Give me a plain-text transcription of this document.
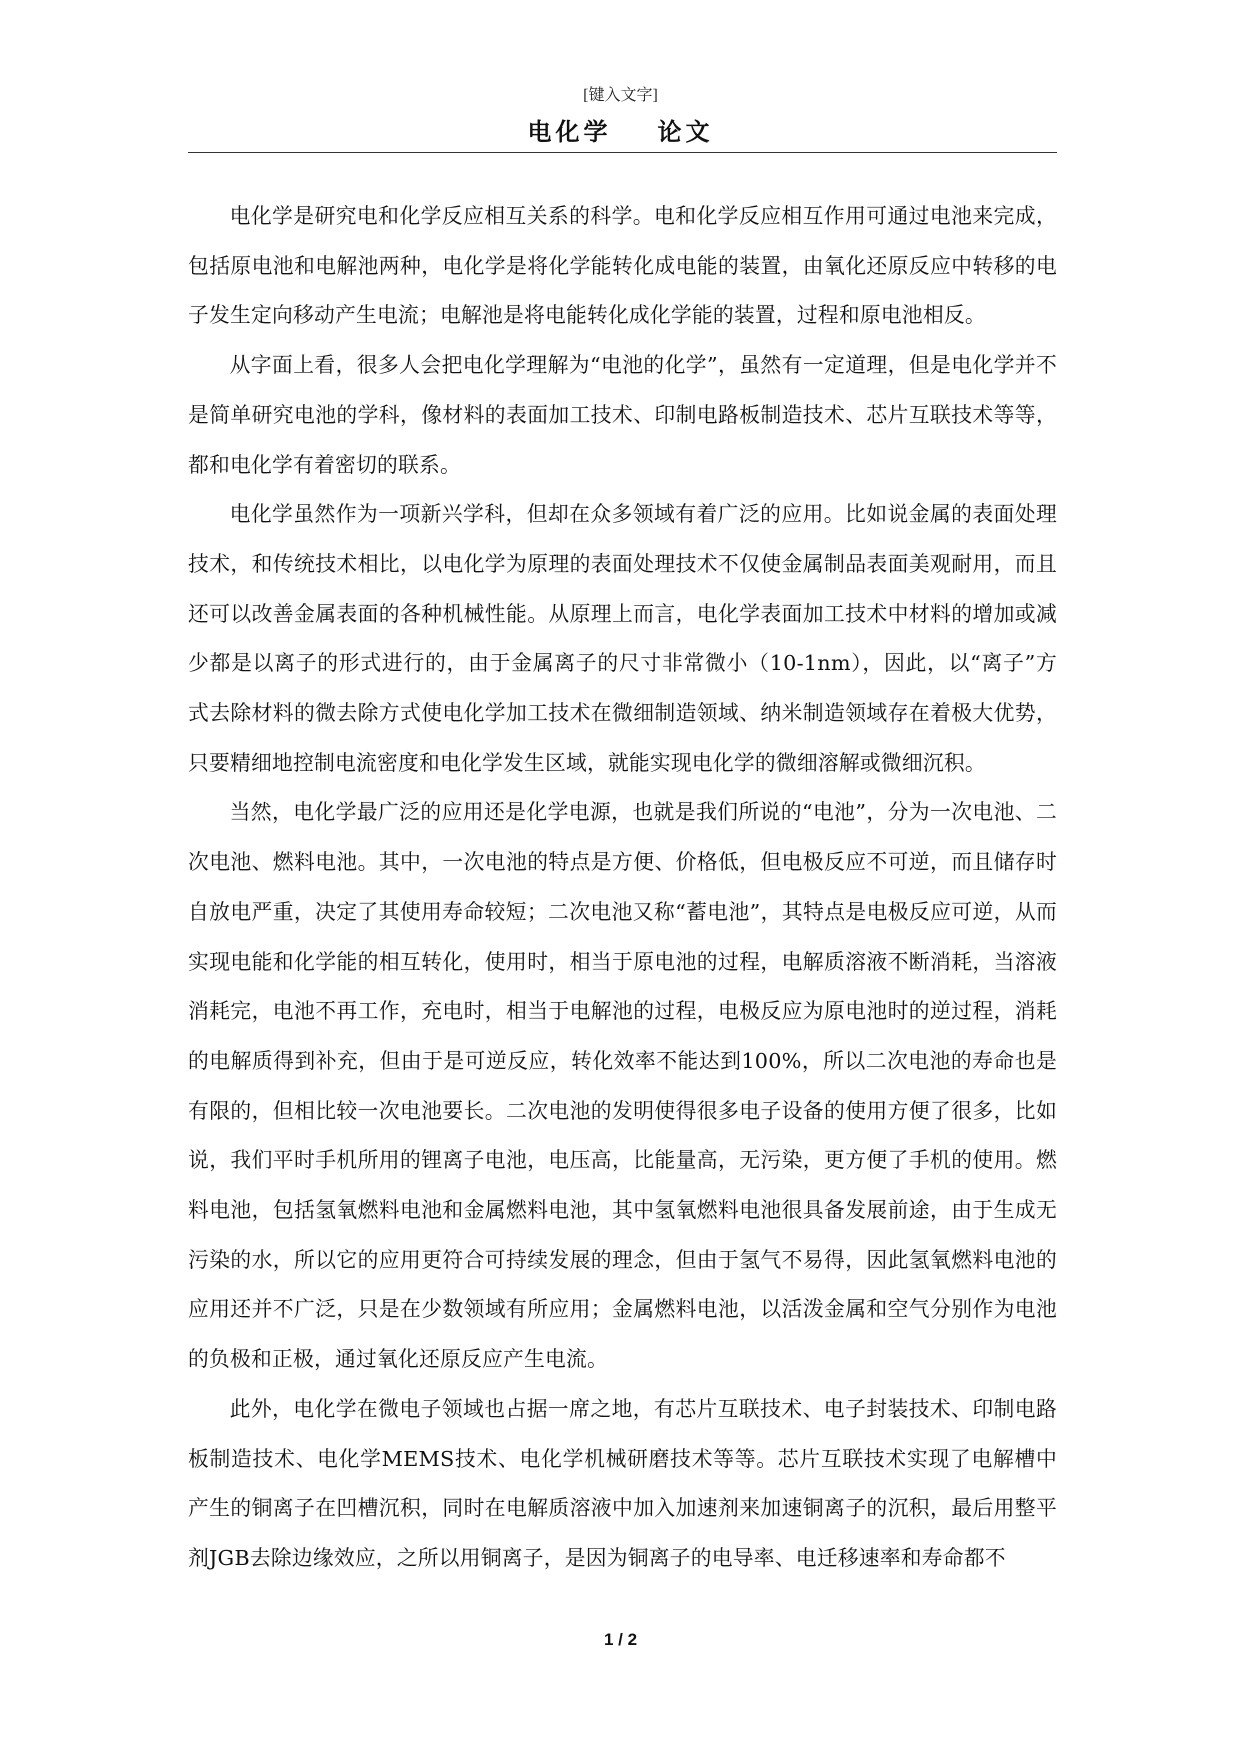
[键入文字]
电化学 论文

电化学是研究电和化学反应相互关系的科学。电和化学反应相互作用可通过电池来完成，包括原电池和电解池两种，电化学是将化学能转化成电能的装置，由氧化还原反应中转移的电子发生定向移动产生电流；电解池是将电能转化成化学能的装置，过程和原电池相反。

从字面上看，很多人会把电化学理解为“电池的化学”，虽然有一定道理，但是电化学并不是简单研究电池的学科，像材料的表面加工技术、印制电路板制造技术、芯片互联技术等等，都和电化学有着密切的联系。

电化学虽然作为一项新兴学科，但却在众多领域有着广泛的应用。比如说金属的表面处理技术，和传统技术相比，以电化学为原理的表面处理技术不仅使金属制品表面美观耐用，而且还可以改善金属表面的各种机械性能。从原理上而言，电化学表面加工技术中材料的增加或减少都是以离子的形式进行的，由于金属离子的尺寸非常微小（10-1nm），因此，以“离子”方式去除材料的微去除方式使电化学加工技术在微细制造领域、纳米制造领域存在着极大优势，只要精细地控制电流密度和电化学发生区域，就能实现电化学的微细溶解或微细沉积。

当然，电化学最广泛的应用还是化学电源，也就是我们所说的“电池”，分为一次电池、二次电池、燃料电池。其中，一次电池的特点是方便、价格低，但电极反应不可逆，而且储存时自放电严重，决定了其使用寿命较短；二次电池又称“蓄电池”，其特点是电极反应可逆，从而实现电能和化学能的相互转化，使用时，相当于原电池的过程，电解质溶液不断消耗，当溶液消耗完，电池不再工作，充电时，相当于电解池的过程，电极反应为原电池时的逆过程，消耗的电解质得到补充，但由于是可逆反应，转化效率不能达到100%，所以二次电池的寿命也是有限的，但相比较一次电池要长。二次电池的发明使得很多电子设备的使用方便了很多，比如说，我们平时手机所用的锂离子电池，电压高，比能量高，无污染，更方便了手机的使用。燃料电池，包括氢氧燃料电池和金属燃料电池，其中氢氧燃料电池很具备发展前途，由于生成无污染的水，所以它的应用更符合可持续发展的理念，但由于氢气不易得，因此氢氧燃料电池的应用还并不广泛，只是在少数领域有所应用；金属燃料电池，以活泼金属和空气分别作为电池的负极和正极，通过氧化还原反应产生电流。

此外，电化学在微电子领域也占据一席之地，有芯片互联技术、电子封装技术、印制电路板制造技术、电化学MEMS技术、电化学机械研磨技术等等。芯片互联技术实现了电解槽中产生的铜离子在凹槽沉积，同时在电解质溶液中加入加速剂来加速铜离子的沉积，最后用整平剂JGB去除边缘效应，之所以用铜离子，是因为铜离子的电导率、电迁移速率和寿命都不

1 / 2
